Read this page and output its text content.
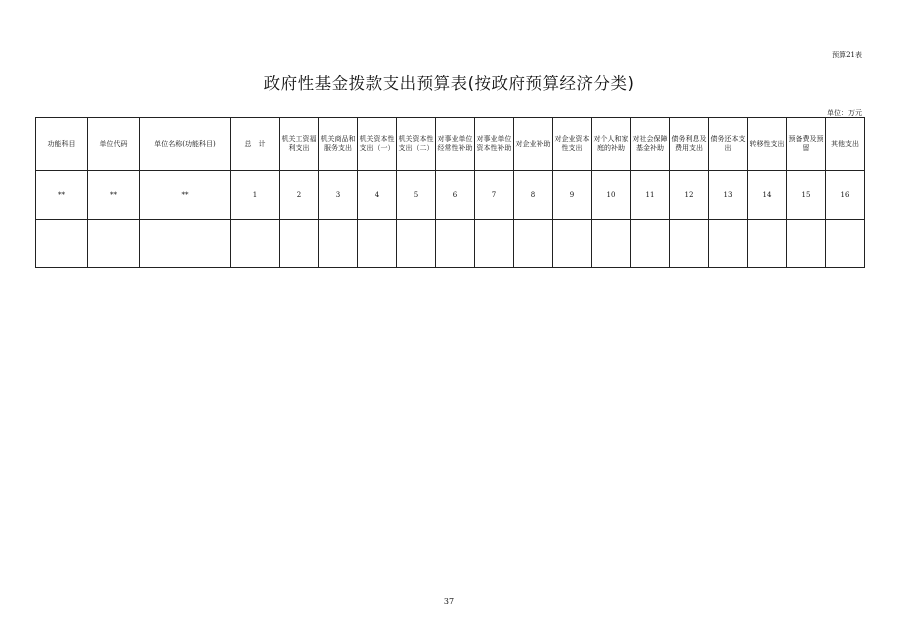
预算21表
政府性基金拨款支出预算表(按政府预算经济分类)
单位：万元
功能科目	单位代码	单位名称(功能科目)	总　计	机关工资福利支出	机关商品和服务支出	机关资本性支出（一）	机关资本性支出（二）	对事业单位经常性补助	对事业单位资本性补助	对企业补助	对企业资本性支出	对个人和家庭的补助	对社会保障基金补助	债务利息及费用支出	债务还本支出	转移性支出	预备费及预留	其他支出
**	**	**	1	2	3	4	5	6	7	8	9	10	11	12	13	14	15	16

37
